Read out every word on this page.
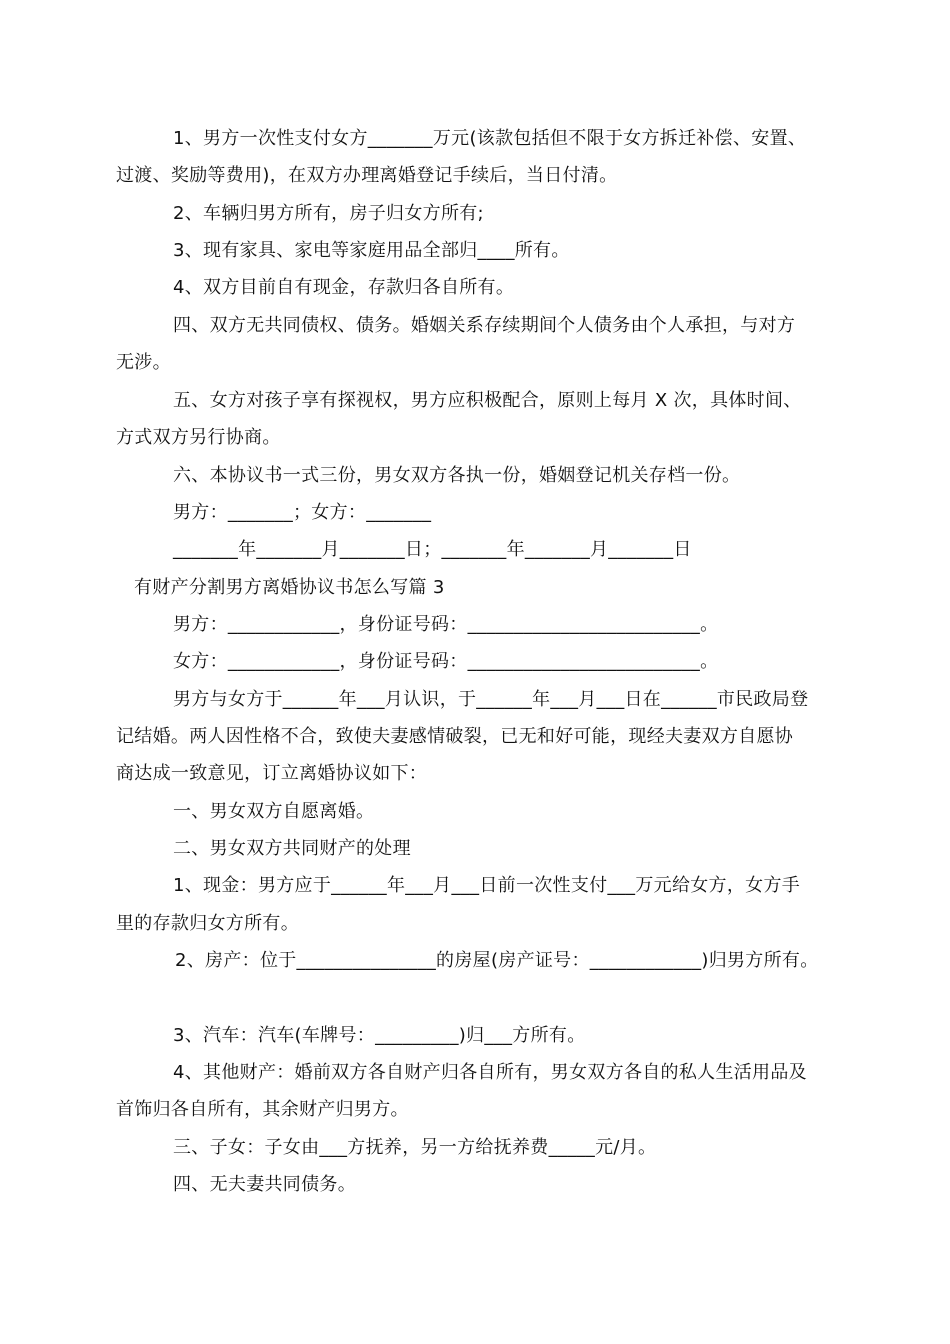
1、男方一次性支付女方_______万元(该款包括但不限于女方拆迁补偿、安置、
过渡、奖励等费用)，在双方办理离婚登记手续后，当日付清。
2、车辆归男方所有，房子归女方所有;
3、现有家具、家电等家庭用品全部归____所有。
4、双方目前自有现金，存款归各自所有。
四、双方无共同债权、债务。婚姻关系存续期间个人债务由个人承担，与对方
无涉。
五、女方对孩子享有探视权，男方应积极配合，原则上每月 X 次，具体时间、
方式双方另行协商。
六、本协议书一式三份，男女双方各执一份，婚姻登记机关存档一份。
男方：_______；女方：_______
_______年_______月_______日；_______年_______月_______日
有财产分割男方离婚协议书怎么写篇 3
男方：____________，身份证号码：_________________________。
女方：____________，身份证号码：_________________________。
男方与女方于______年___月认识，于______年___月___日在______市民政局登
记结婚。两人因性格不合，致使夫妻感情破裂，已无和好可能，现经夫妻双方自愿协
商达成一致意见，订立离婚协议如下：
一、男女双方自愿离婚。
二、男女双方共同财产的处理
1、现金：男方应于______年___月___日前一次性支付___万元给女方，女方手
里的存款归女方所有。
2、房产：位于_______________的房屋(房产证号：____________)归男方所有。
3、汽车：汽车(车牌号：_________)归___方所有。
4、其他财产：婚前双方各自财产归各自所有，男女双方各自的私人生活用品及
首饰归各自所有，其余财产归男方。
三、子女：子女由___方抚养，另一方给抚养费_____元/月。
四、无夫妻共同债务。
